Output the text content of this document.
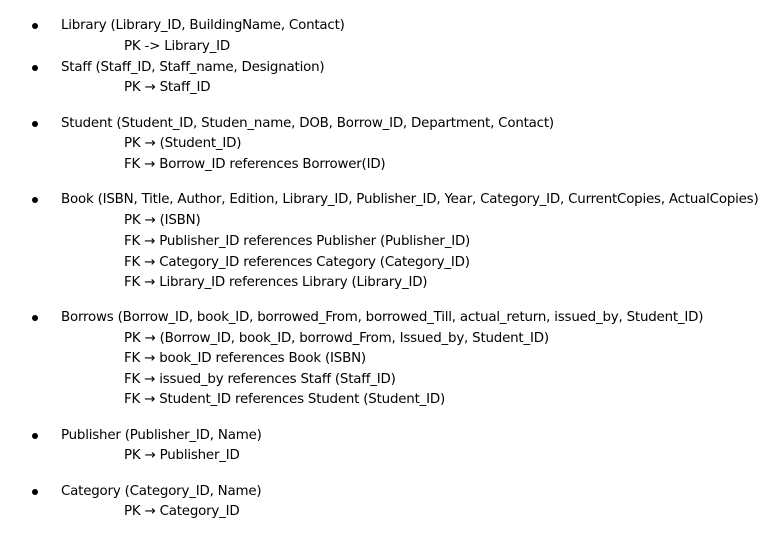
Library (Library_ID, BuildingName, Contact)
PK -> Library_ID
Staff (Staff_ID, Staff_name, Designation)
PK → Staff_ID
Student (Student_ID, Studen_name, DOB, Borrow_ID, Department, Contact)
PK → (Student_ID)
FK → Borrow_ID references Borrower(ID)
Book (ISBN, Title, Author, Edition, Library_ID, Publisher_ID, Year, Category_ID, CurrentCopies, ActualCopies)
PK → (ISBN)
FK → Publisher_ID references Publisher (Publisher_ID)
FK → Category_ID references Category (Category_ID)
FK → Library_ID references Library (Library_ID)
Borrows (Borrow_ID, book_ID, borrowed_From, borrowed_Till, actual_return, issued_by, Student_ID)
PK → (Borrow_ID, book_ID, borrowd_From, Issued_by, Student_ID)
FK → book_ID references Book (ISBN)
FK → issued_by references Staff (Staff_ID)
FK → Student_ID references Student (Student_ID)
Publisher (Publisher_ID, Name)
PK → Publisher_ID
Category (Category_ID, Name)
PK → Category_ID
